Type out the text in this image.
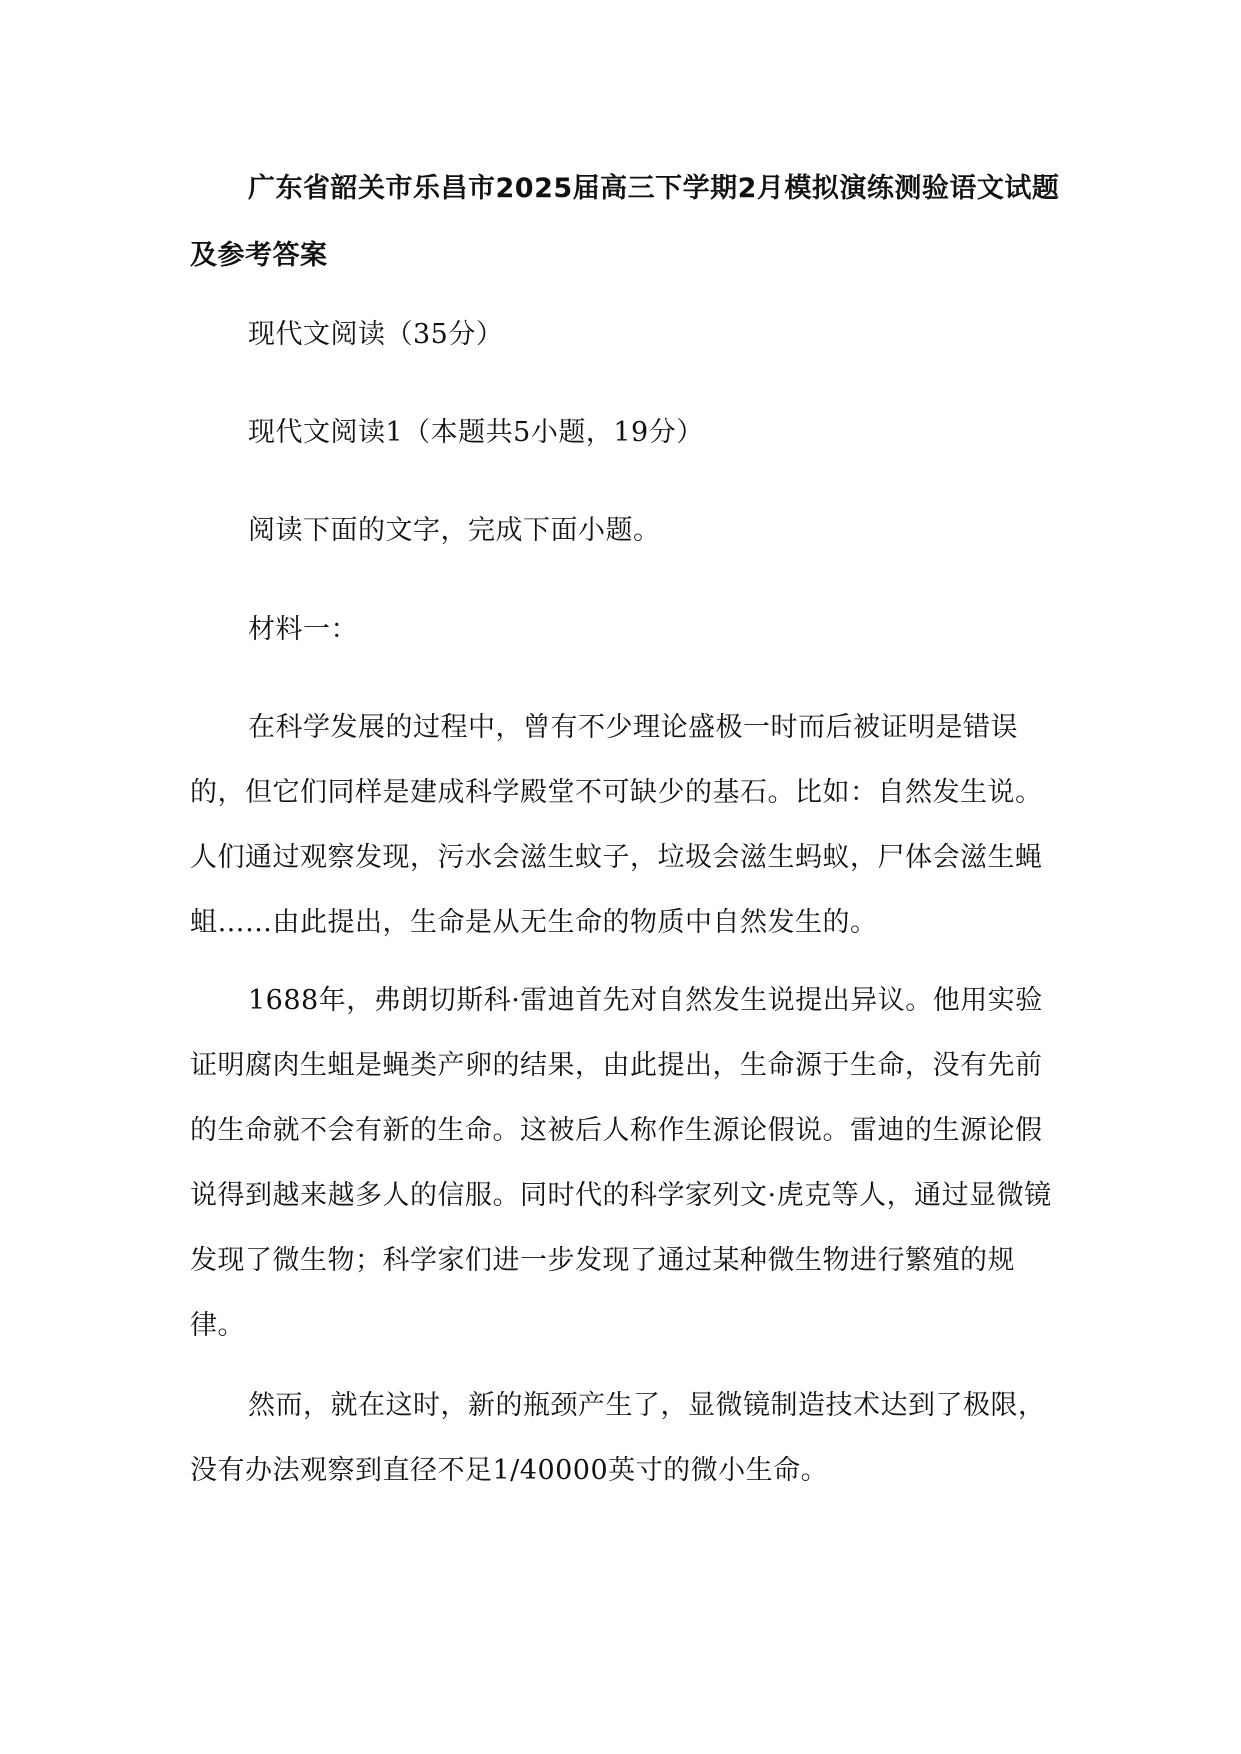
广东省韶关市乐昌市2025届高三下学期2月模拟演练测验语文试题及参考答案

现代文阅读（35分）

现代文阅读1（本题共5小题，19分）

阅读下面的文字，完成下面小题。

材料一：

在科学发展的过程中，曾有不少理论盛极一时而后被证明是错误的，但它们同样是建成科学殿堂不可缺少的基石。比如：自然发生说。人们通过观察发现，污水会滋生蚊子，垃圾会滋生蚂蚁，尸体会滋生蝇蛆……由此提出，生命是从无生命的物质中自然发生的。

1688年，弗朗切斯科·雷迪首先对自然发生说提出异议。他用实验证明腐肉生蛆是蝇类产卵的结果，由此提出，生命源于生命，没有先前的生命就不会有新的生命。这被后人称作生源论假说。雷迪的生源论假说得到越来越多人的信服。同时代的科学家列文·虎克等人，通过显微镜发现了微生物；科学家们进一步发现了通过某种微生物进行繁殖的规律。

然而，就在这时，新的瓶颈产生了，显微镜制造技术达到了极限，没有办法观察到直径不足1/40000英寸的微小生命。
